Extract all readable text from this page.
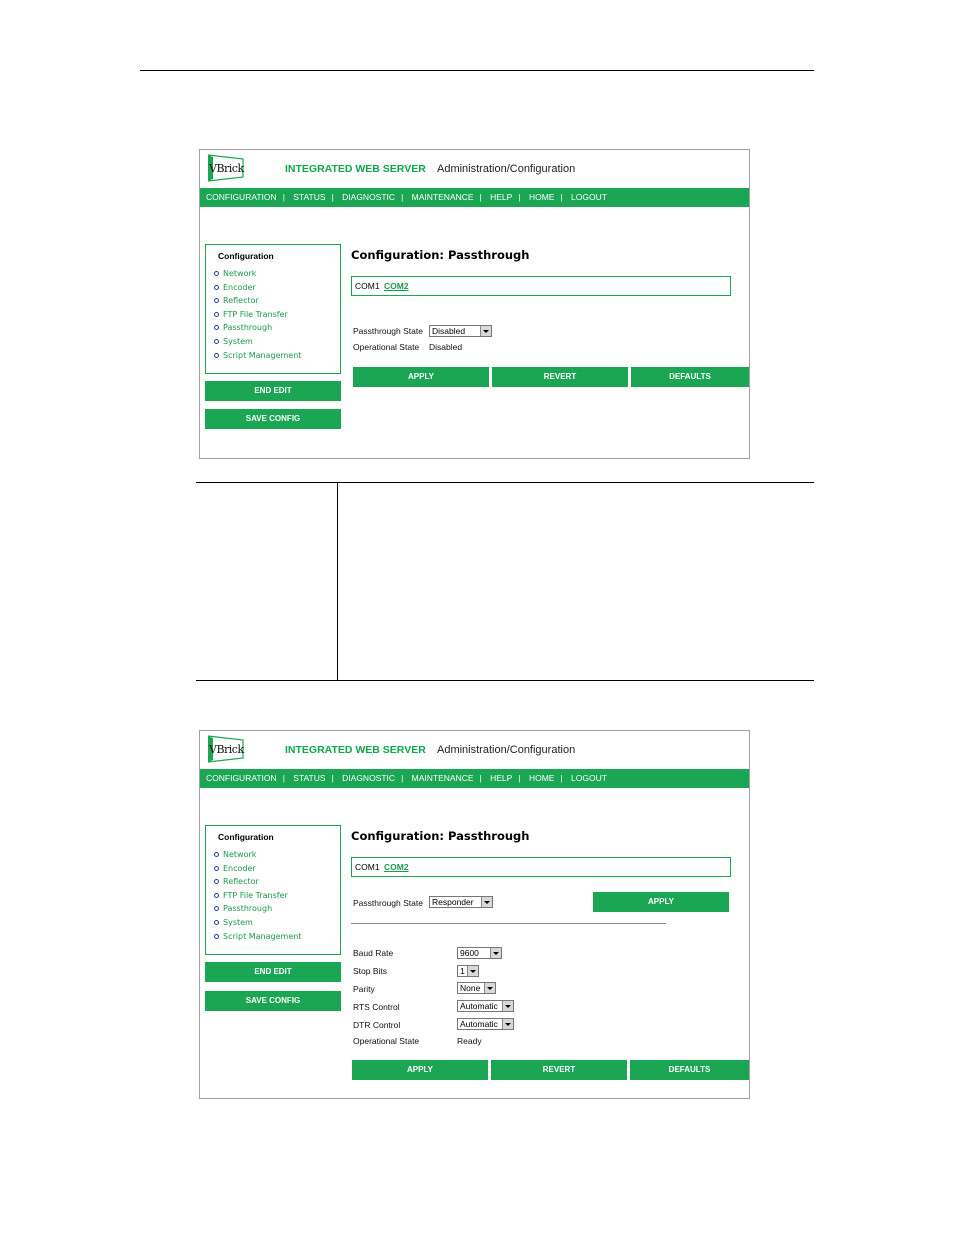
VBrick	INTEGRATED WEB SERVER Administration/Configuration
CONFIGURATION | STATUS | DIAGNOSTIC | MAINTENANCE | HELP | HOME | LOGOUT
Configuration
Network
Encoder
Reflector
FTP File Transfer
Passthrough
System
Script Management
END EDIT
SAVE CONFIG
Configuration: Passthrough
COM1 COM2
Passthrough State	Disabled
Operational State Disabled
APPLY	REVERT	DEFAULTS
VBrick	INTEGRATED WEB SERVER Administration/Configuration
CONFIGURATION | STATUS | DIAGNOSTIC | MAINTENANCE | HELP | HOME | LOGOUT
Configuration
Network
Encoder
Reflector
FTP File Transfer
Passthrough
System
Script Management
END EDIT
SAVE CONFIG
Configuration: Passthrough
COM1 COM2
Passthrough State	Responder	APPLY
Baud Rate	9600
Stop Bits	1
Parity	None
RTS Control	Automatic
DTR Control	Automatic
Operational State	Ready
APPLY	REVERT	DEFAULTS
